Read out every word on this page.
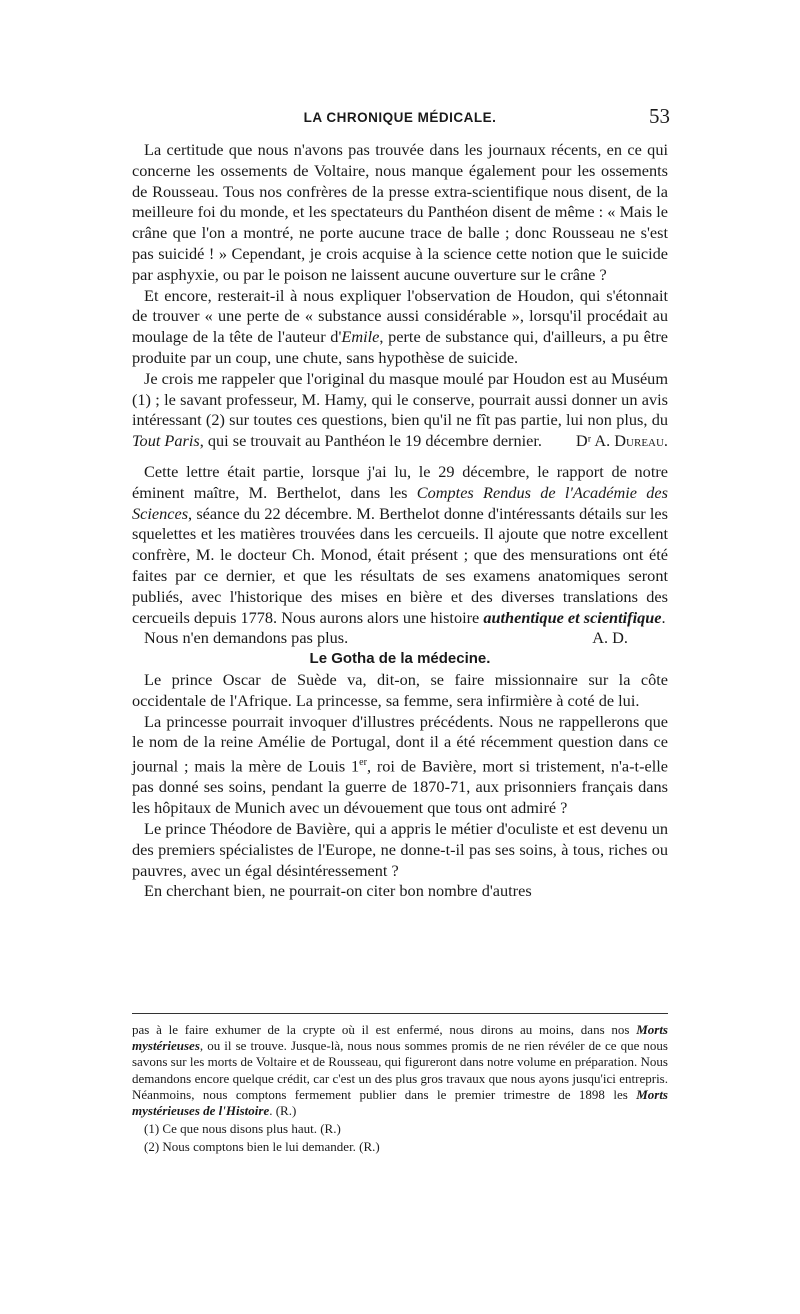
LA CHRONIQUE MÉDICALE.	53

La certitude que nous n'avons pas trouvée dans les journaux récents, en ce qui concerne les ossements de Voltaire, nous manque également pour les ossements de Rousseau. Tous nos confrères de la presse extra-scientifique nous disent, de la meilleure foi du monde, et les spectateurs du Panthéon disent de même : « Mais le crâne que l'on a montré, ne porte aucune trace de balle ; donc Rousseau ne s'est pas suicidé ! » Cependant, je crois acquise à la science cette notion que le suicide par asphyxie, ou par le poison ne laissent aucune ouverture sur le crâne ?

Et encore, resterait-il à nous expliquer l'observation de Houdon, qui s'étonnait de trouver « une perte de « substance aussi considérable », lorsqu'il procédait au moulage de la tête de l'auteur d'Emile, perte de substance qui, d'ailleurs, a pu être produite par un coup, une chute, sans hypothèse de suicide.

Je crois me rappeler que l'original du masque moulé par Houdon est au Muséum (1) ; le savant professeur, M. Hamy, qui le conserve, pourrait aussi donner un avis intéressant (2) sur toutes ces questions, bien qu'il ne fît pas partie, lui non plus, du Tout Paris, qui se trouvait au Panthéon le 19 décembre dernier.	Dʳ A. Dureau.

Cette lettre était partie, lorsque j'ai lu, le 29 décembre, le rapport de notre éminent maître, M. Berthelot, dans les Comptes Rendus de l'Académie des Sciences, séance du 22 décembre. M. Berthelot donne d'intéressants détails sur les squelettes et les matières trouvées dans les cercueils. Il ajoute que notre excellent confrère, M. le docteur Ch. Monod, était présent ; que des mensurations ont été faites par ce dernier, et que les résultats de ses examens anatomiques seront publiés, avec l'historique des mises en bière et des diverses translations des cercueils depuis 1778. Nous aurons alors une histoire authentique et scientifique.

Nous n'en demandons pas plus.	A. D.

Le Gotha de la médecine.

Le prince Oscar de Suède va, dit-on, se faire missionnaire sur la côte occidentale de l'Afrique. La princesse, sa femme, sera infirmière à coté de lui.

La princesse pourrait invoquer d'illustres précédents. Nous ne rappellerons que le nom de la reine Amélie de Portugal, dont il a été récemment question dans ce journal ; mais la mère de Louis 1er, roi de Bavière, mort si tristement, n'a-t-elle pas donné ses soins, pendant la guerre de 1870-71, aux prisonniers français dans les hôpitaux de Munich avec un dévouement que tous ont admiré ?

Le prince Théodore de Bavière, qui a appris le métier d'oculiste et est devenu un des premiers spécialistes de l'Europe, ne donne-t-il pas ses soins, à tous, riches ou pauvres, avec un égal désintéressement ?

En cherchant bien, ne pourrait-on citer bon nombre d'autres

pas à le faire exhumer de la crypte où il est enfermé, nous dirons au moins, dans nos Morts mystérieuses, ou il se trouve. Jusque-là, nous nous sommes promis de ne rien révéler de ce que nous savons sur les morts de Voltaire et de Rousseau, qui figureront dans notre volume en préparation. Nous demandons encore quelque crédit, car c'est un des plus gros travaux que nous ayons jusqu'ici entrepris. Néanmoins, nous comptons fermement publier dans le premier trimestre de 1898 les Morts mystérieuses de l'Histoire. (R.)

(1) Ce que nous disons plus haut. (R.)

(2) Nous comptons bien le lui demander. (R.)
